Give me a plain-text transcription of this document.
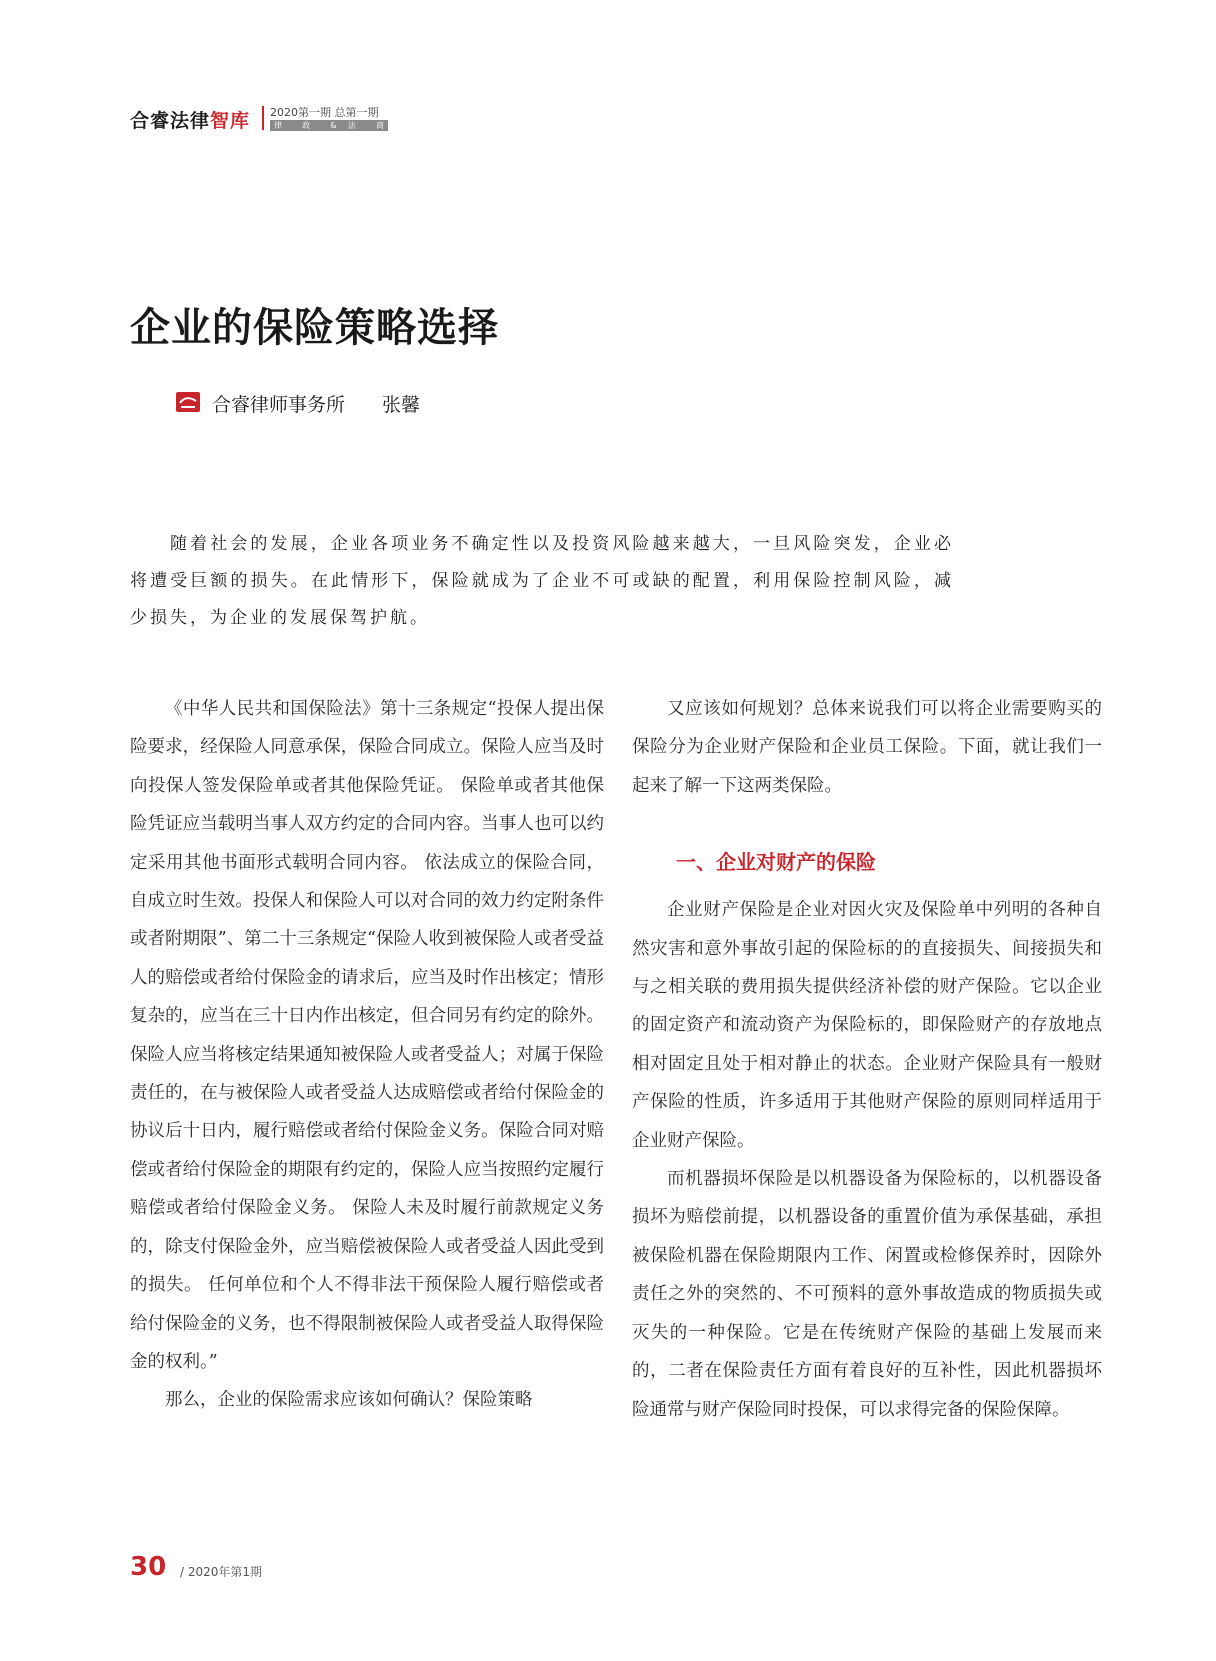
合睿法律智库 2020第一期 总第一期
律 政 & 法 商
企业的保险策略选择
合睿律师事务所 张馨

随着社会的发展，企业各项业务不确定性以及投资风险越来越大，一旦风险突发，企业必将遭受巨额的损失。在此情形下，保险就成为了企业不可或缺的配置，利用保险控制风险，减少损失，为企业的发展保驾护航。

《中华人民共和国保险法》第十三条规定“投保人提出保险要求，经保险人同意承保，保险合同成立。保险人应当及时向投保人签发保险单或者其他保险凭证。 保险单或者其他保险凭证应当载明当事人双方约定的合同内容。当事人也可以约定采用其他书面形式载明合同内容。 依法成立的保险合同，自成立时生效。投保人和保险人可以对合同的效力约定附条件或者附期限”、第二十三条规定“保险人收到被保险人或者受益人的赔偿或者给付保险金的请求后，应当及时作出核定；情形复杂的，应当在三十日内作出核定，但合同另有约定的除外。保险人应当将核定结果通知被保险人或者受益人；对属于保险责任的，在与被保险人或者受益人达成赔偿或者给付保险金的协议后十日内，履行赔偿或者给付保险金义务。保险合同对赔偿或者给付保险金的期限有约定的，保险人应当按照约定履行赔偿或者给付保险金义务。 保险人未及时履行前款规定义务的，除支付保险金外，应当赔偿被保险人或者受益人因此受到的损失。 任何单位和个人不得非法干预保险人履行赔偿或者给付保险金的义务，也不得限制被保险人或者受益人取得保险金的权利。”

那么，企业的保险需求应该如何确认？保险策略

又应该如何规划？总体来说我们可以将企业需要购买的保险分为企业财产保险和企业员工保险。下面，就让我们一起来了解一下这两类保险。

一、企业对财产的保险

企业财产保险是企业对因火灾及保险单中列明的各种自然灾害和意外事故引起的保险标的的直接损失、间接损失和与之相关联的费用损失提供经济补偿的财产保险。它以企业的固定资产和流动资产为保险标的，即保险财产的存放地点相对固定且处于相对静止的状态。企业财产保险具有一般财产保险的性质，许多适用于其他财产保险的原则同样适用于企业财产保险。

而机器损坏保险是以机器设备为保险标的，以机器设备损坏为赔偿前提，以机器设备的重置价值为承保基础，承担被保险机器在保险期限内工作、闲置或检修保养时，因除外责任之外的突然的、不可预料的意外事故造成的物质损失或灭失的一种保险。它是在传统财产保险的基础上发展而来的，二者在保险责任方面有着良好的互补性，因此机器损坏险通常与财产保险同时投保，可以求得完备的保险保障。

30 / 2020年第1期
